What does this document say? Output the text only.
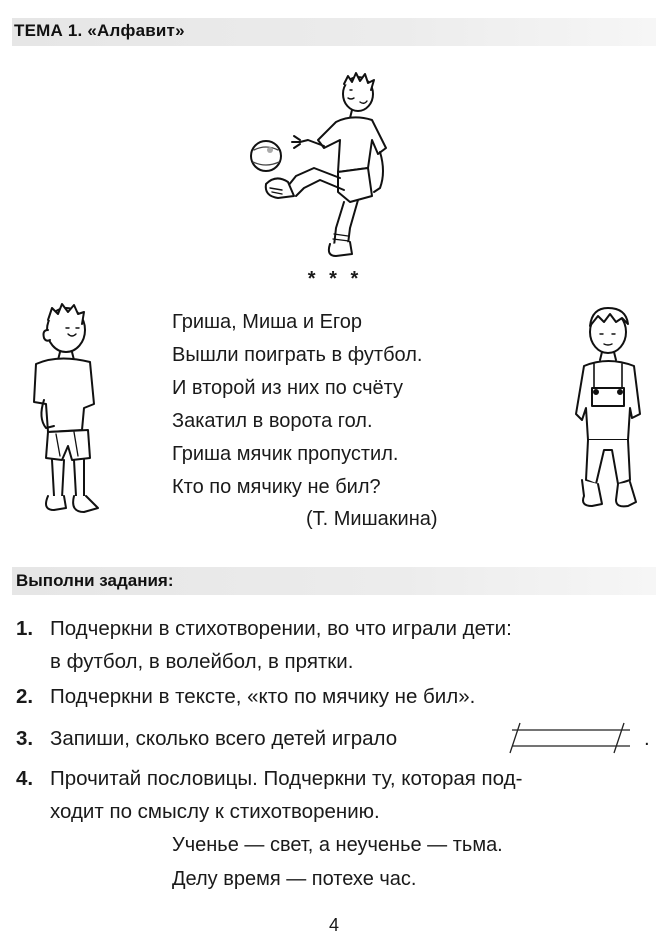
ТЕМА 1. «Алфавит»
* * *
Гриша, Миша и Егор
Вышли поиграть в футбол.
И второй из них по счёту
Закатил в ворота гол.
Гриша мячик пропустил.
Кто по мячику не бил?
(Т. Мишакина)
Выполни задания:
1. Подчеркни в стихотворении, во что играли дети:
в футбол, в волейбол, в прятки.
2. Подчеркни в тексте, «кто по мячику не бил».
3. Запиши, сколько всего детей играло	.
4. Прочитай пословицы. Подчеркни ту, которая под-
ходит по смыслу к стихотворению.
Ученье — свет, а неученье — тьма.
Делу время — потехе час.
4
